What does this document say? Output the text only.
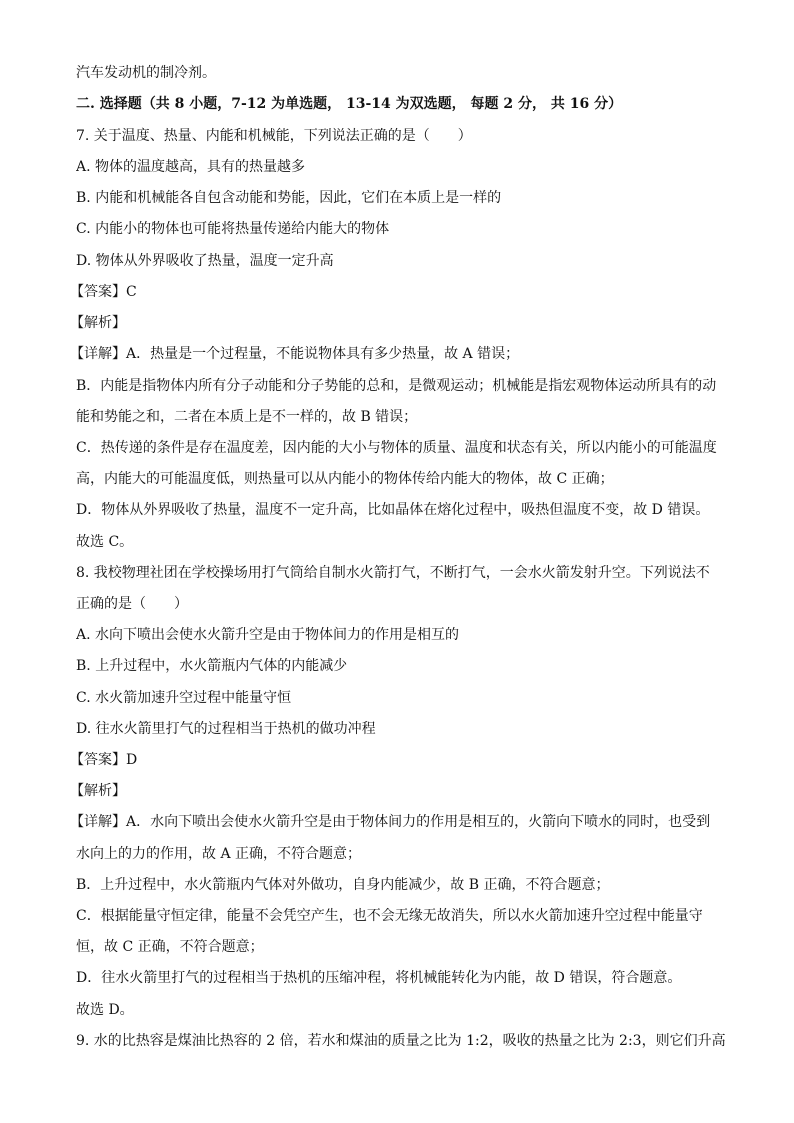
汽车发动机的制冷剂。
二. 选择题（共 8 小题，7-12 为单选题， 13-14 为双选题， 每题 2 分， 共 16 分）
7. 关于温度、热量、内能和机械能，下列说法正确的是（　　）
A. 物体的温度越高，具有的热量越多
B. 内能和机械能各自包含动能和势能，因此，它们在本质上是一样的
C. 内能小的物体也可能将热量传递给内能大的物体
D. 物体从外界吸收了热量，温度一定升高
【答案】C
【解析】
【详解】A．热量是一个过程量，不能说物体具有多少热量，故 A 错误；
B．内能是指物体内所有分子动能和分子势能的总和，是微观运动；机械能是指宏观物体运动所具有的动
能和势能之和，二者在本质上是不一样的，故 B 错误；
C．热传递的条件是存在温度差，因内能的大小与物体的质量、温度和状态有关，所以内能小的可能温度
高，内能大的可能温度低，则热量可以从内能小的物体传给内能大的物体，故 C 正确；
D．物体从外界吸收了热量，温度不一定升高，比如晶体在熔化过程中，吸热但温度不变，故 D 错误。
故选 C。
8. 我校物理社团在学校操场用打气筒给自制水火箭打气，不断打气，一会水火箭发射升空。下列说法不
正确的是（　　）
A. 水向下喷出会使水火箭升空是由于物体间力的作用是相互的
B. 上升过程中，水火箭瓶内气体的内能减少
C. 水火箭加速升空过程中能量守恒
D. 往水火箭里打气的过程相当于热机的做功冲程
【答案】D
【解析】
【详解】A．水向下喷出会使水火箭升空是由于物体间力的作用是相互的，火箭向下喷水的同时，也受到
水向上的力的作用，故 A 正确，不符合题意；
B．上升过程中，水火箭瓶内气体对外做功，自身内能减少，故 B 正确，不符合题意；
C．根据能量守恒定律，能量不会凭空产生，也不会无缘无故消失，所以水火箭加速升空过程中能量守
恒，故 C 正确，不符合题意；
D．往水火箭里打气的过程相当于热机的压缩冲程，将机械能转化为内能，故 D 错误，符合题意。
故选 D。
9. 水的比热容是煤油比热容的 2 倍，若水和煤油的质量之比为 1:2，吸收的热量之比为 2:3，则它们升高
